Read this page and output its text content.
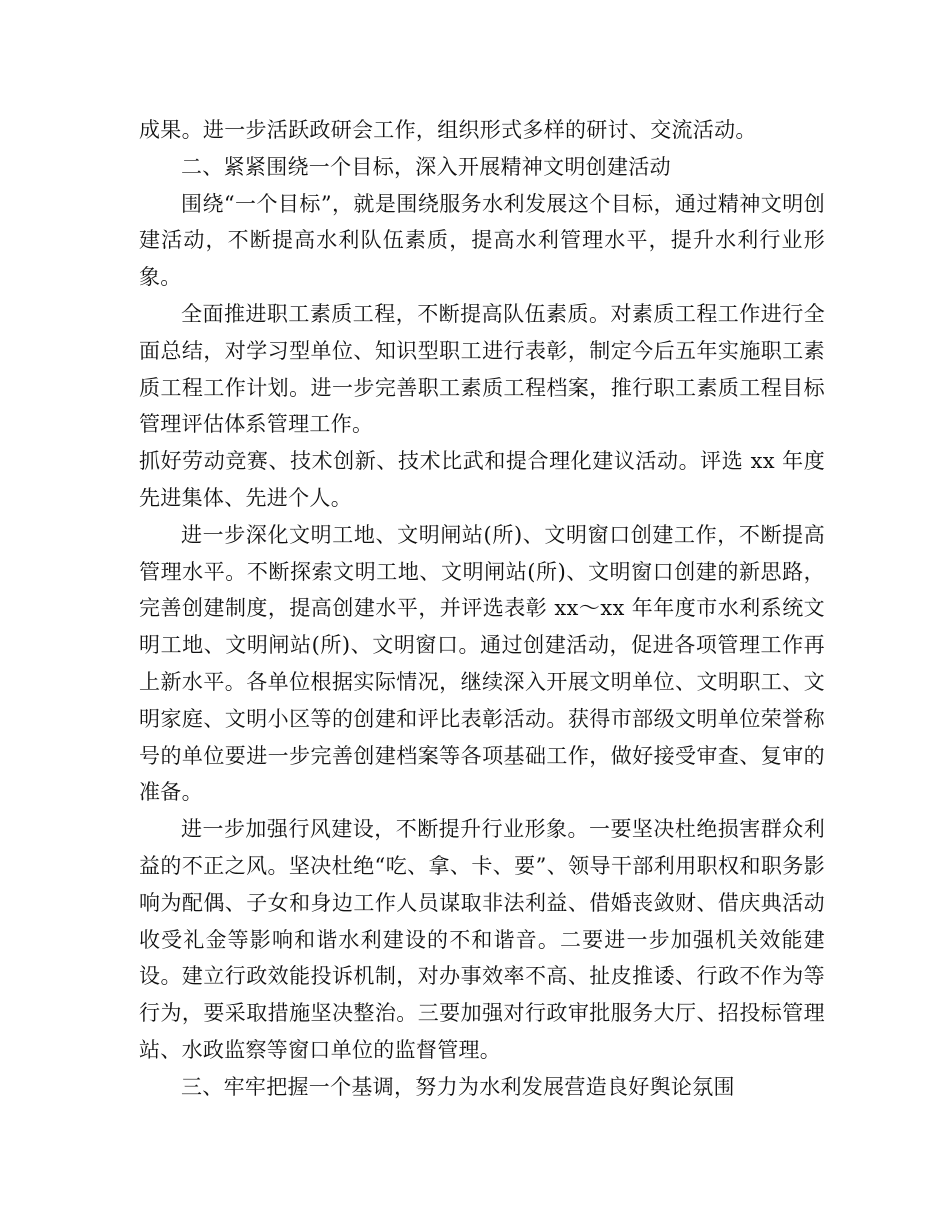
成果。进一步活跃政研会工作，组织形式多样的研讨、交流活动。

二、紧紧围绕一个目标，深入开展精神文明创建活动

围绕“一个目标”，就是围绕服务水利发展这个目标，通过精神文明创建活动，不断提高水利队伍素质，提高水利管理水平，提升水利行业形象。

全面推进职工素质工程，不断提高队伍素质。对素质工程工作进行全面总结，对学习型单位、知识型职工进行表彰，制定今后五年实施职工素质工程工作计划。进一步完善职工素质工程档案，推行职工素质工程目标管理评估体系管理工作。

抓好劳动竞赛、技术创新、技术比武和提合理化建议活动。评选 xx 年度先进集体、先进个人。

进一步深化文明工地、文明闸站(所)、文明窗口创建工作，不断提高管理水平。不断探索文明工地、文明闸站(所)、文明窗口创建的新思路，完善创建制度，提高创建水平，并评选表彰 xx～xx 年年度市水利系统文明工地、文明闸站(所)、文明窗口。通过创建活动，促进各项管理工作再上新水平。各单位根据实际情况，继续深入开展文明单位、文明职工、文明家庭、文明小区等的创建和评比表彰活动。获得市部级文明单位荣誉称号的单位要进一步完善创建档案等各项基础工作，做好接受审查、复审的准备。

进一步加强行风建设，不断提升行业形象。一要坚决杜绝损害群众利益的不正之风。坚决杜绝“吃、拿、卡、要”、领导干部利用职权和职务影响为配偶、子女和身边工作人员谋取非法利益、借婚丧敛财、借庆典活动收受礼金等影响和谐水利建设的不和谐音。二要进一步加强机关效能建设。建立行政效能投诉机制，对办事效率不高、扯皮推诿、行政不作为等行为，要采取措施坚决整治。三要加强对行政审批服务大厅、招投标管理站、水政监察等窗口单位的监督管理。

三、牢牢把握一个基调，努力为水利发展营造良好舆论氛围
